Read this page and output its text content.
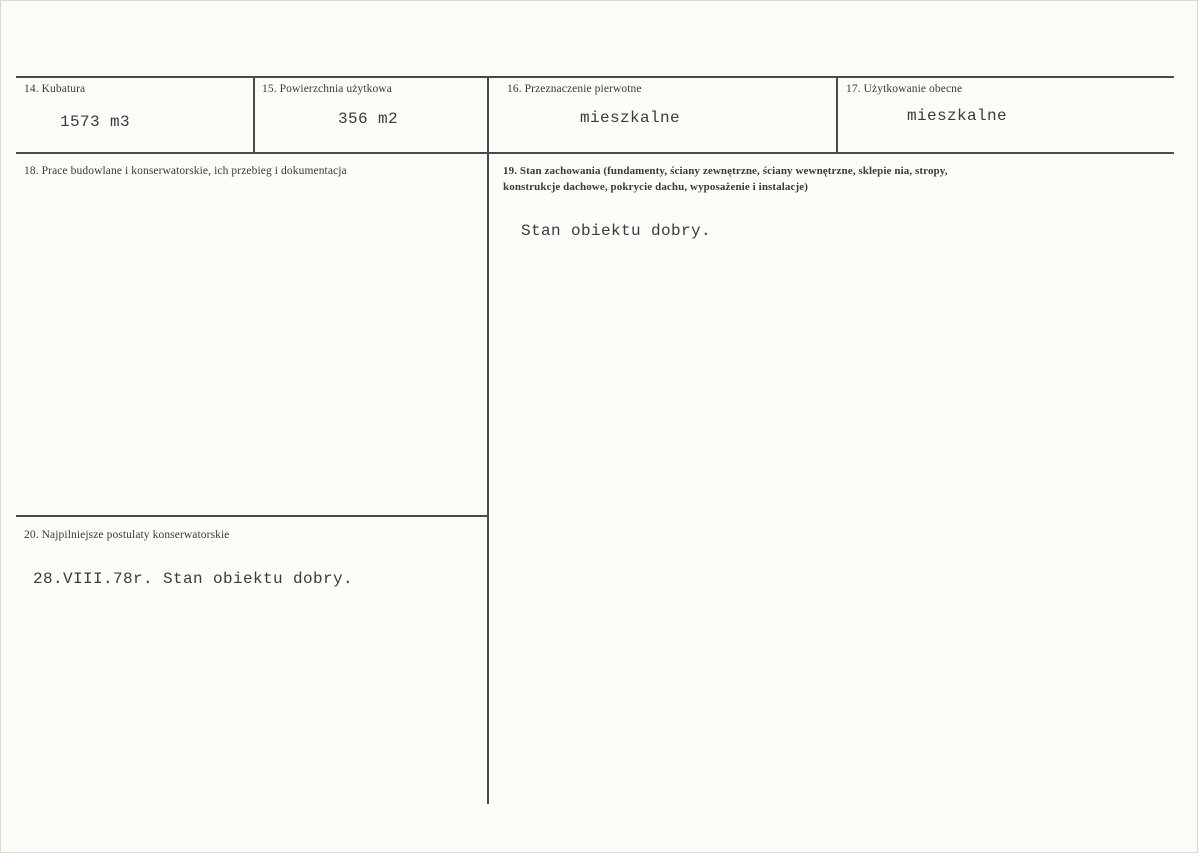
14. Kubatura
1573 m3
15. Powierzchnia użytkowa
356 m2
16. Przeznaczenie pierwotne
mieszkalne
17. Użytkowanie obecne
mieszkalne
18. Prace budowlane i konserwatorskie, ich przebieg i dokumentacja	19. Stan zachowania (fundamenty, ściany zewnętrzne, ściany wewnętrzne, sklepie nia, stropy,
konstrukcje dachowe, pokrycie dachu, wyposażenie i instalacje)
Stan obiektu dobry.
20. Najpilniejsze postulaty konserwatorskie
28.VIII.78r. Stan obiektu dobry.
